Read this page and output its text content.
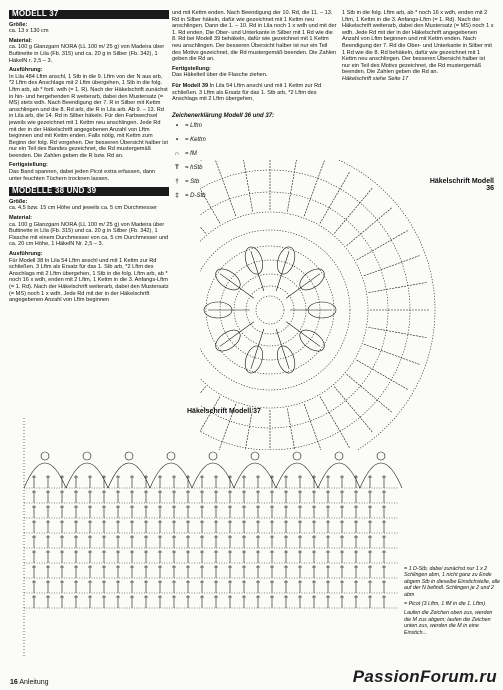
MODELL 37
Größe:

ca. 13 x 130 cm

Material:

ca. 100 g Glanzgarn NORA (LL 100 m/ 25 g) von Madeira über Buttinette in Lila (Fb. 315) und ca. 20 g in Silber (Fb. 342), 1 HäkelN r. 2,5 – 3.

Ausführung:

In Lila 484 Lftm anschl, 1 Stb in die 9. Lftm von der N aus arb, *2 Lftm des Anschlags mit 2 Lftm übergehen, 1 Stb in die folg. Lftm arb, ab * fortl. wdh (= 1. R). Nach der Häkelschrift zunächst in hin- und hergehenden R weiterarb, dabei den Mustersatz (= MS) stets wdh. Nach Beendigung der 7. R in Silber mit Kettm anschlingen und die 8. Rd arb, die R in Lila arb. Ab 9. – 13. Rd in Lila arb, die 14. Rd in Silber häkeln. Für den Farbwechsel jeweils wie gezeichnet mit 1 Kettm neu anschlingen. Jede Rd mit der in der Häkelschrift angegebenen Anzahl von Lftm beginnen und mit Kettm enden. Falls nötig, mit Kettm zum Beginn der folg. Rd vorgehen. Der besseren Übersicht halber ist nur ein Teil des Bandes gezeichnet, die Rd mustergemäß beenden. Die Zahlen geben die R bzw. Rd an.

Fertigstellung:

Das Band spannen, dabei jeden Picot extra erfassen, dann unter feuchten Tüchern trocknen lassen.

MODELLE 38 UND 39
Größe:

ca. 4,5 bzw. 15 cm Höhe und jeweils ca. 5 cm Durchmesser

Material:

ca. 100 g Glanzgarn NORA (LL 100 m/ 25 g) von Madeira über Buttinette in Lila (Fb. 315) und ca. 20 g in Silber (Fb. 342), 1 Flasche mit einem Durchmesser von ca. 5 cm Durchmesser und ca. 20 cm Höhe, 1 HäkelN Nr. 2,5 – 3.

Ausführung:

Für Modell 38 In Lila 54 Lftm anschl und mit 1 Kettm zur Rd schließen. 3 Lftm als Ersatz für das 1. Stb arb, *2 Lftm des Anschlags mit 2 Lftm übergehen, 1 Stb in die folg. Lftm arb, ab * noch 16 x wdh, enden mit 2 Lftm, 1 Kettm in die 3. Anfangs-Lftm (= 1. Rd). Nach der Häkelschrift weiterarb, dabei den Mustersatz (= MS) noch 1 x wdh. Jede Rd mit der in der Häkelschrift angegebenen Anzahl von Lftm beginnen

und mit Kettm enden. Nach Beendigung der 10. Rd, die 11. – 13. Rd in Silber häkeln, dafür wie gezeichnet mit 1 Kettm neu anschlingen. Dann die 1. – 10. Rd in Lila noch 1 x wdh und mit der 1. Rd enden. Die Ober- und Unterkante in Silber mit 1 Rd wie die 8. Rd bei Modell 39 behäkeln, dafür wie gezeichnet mit 1 Kettm neu anschlingen. Der besseren Übersicht halber ist nur ein Teil des Motivs gezeichnet, die Rd mustergemäß beenden. Die Zahlen geben die Rd an.

Fertigstellung:

Das Häkelteil über die Flasche ziehen.

Für Modell 39 In Lila 54 Lftm anschl und mit 1 Kettm zur Rd schließen. 3 Lftm als Ersatz für das 1. Stb arb, *2 Lftm des Anschlags mit 2 Lftm übergehen,

Zeichenerklärung Modell 36 und 37:
•	= Lftm
•	= Kettm
∩ = fM
T	= hStb
†	= Stb
‡	= D-Stb

1 Stb in die folg. Lftm arb, ab * noch 16 x wdh, enden mit 2 Lftm, 1 Kettm in die 3. Anfangs-Lftm (= 1. Rd). Nach der Häkelschrift weiterarb, dabei den Mustersatz (= MS) noch 1 x wdh. Jede Rd mit der in der Häkelschrift angegebenen Anzahl von Lftm beginnen und mit Kettm enden. Nach Beendigung der 7. Rd die Ober- und Unterkante in Silber mit 1 Rd wie die 8. Rd behäkeln, dafür wie gezeichnet mit 1 Kettm neu anschlingen. Der besseren Übersicht halber ist nur ein Teil des Motivs gezeichnet, die Rd mustergemäß beenden. Die Zahlen geben die Rd an.

Häkelschrift siehe Seite 17

Häkelschrift Modell 36
Häkelschrift Modell 37

= 1 D-Stb, dabei zunächst nur 1 x 2 Schlingen abm, 1 nicht ganz zu Ende abgem Stb in dieselbe Einstichstelle, alle auf der N befindl. Schlingen je 2 und 2 abm

= Picot (3 Lftm, 1 fM in die 1. Lftm)

Laufen die Zeichen oben zus, werden die M zus abgem; laufen die Zeichen unten zus, werden die M in eine Einstich...

16 Anleitung	PassionForum.ru
